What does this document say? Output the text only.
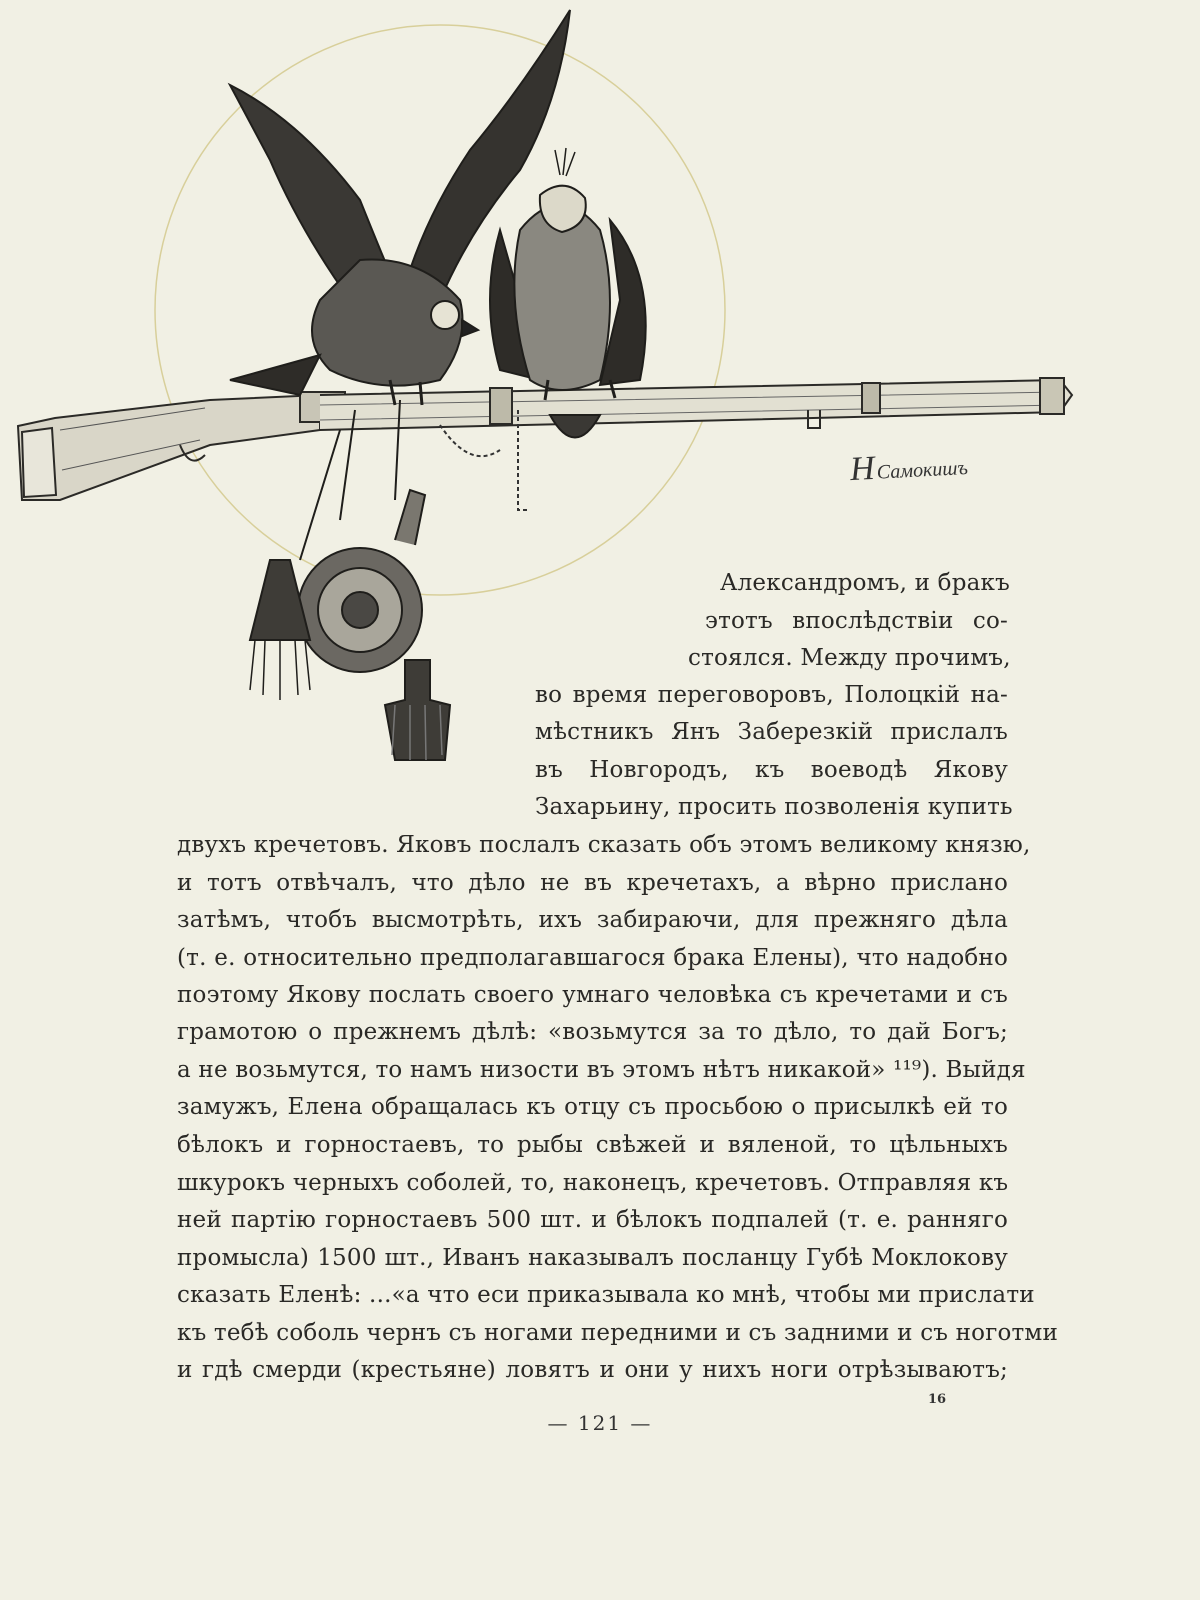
НСамокишъ
Александромъ, и бракъ
этотъ впослѣдствіи со-
стоялся. Между прочимъ,
во время переговоровъ, Полоцкій на-
мѣстникъ Янъ Заберезкій прислалъ
въ Новгородъ, къ воеводѣ Якову
Захарьину, просить позволенія купить
двухъ кречетовъ. Яковъ послалъ сказать объ этомъ великому князю,
и тотъ отвѣчалъ, что дѣло не въ кречетахъ, а вѣрно прислано
затѣмъ, чтобъ высмотрѣть, ихъ забираючи, для прежняго дѣла
(т. е. относительно предполагавшагося брака Елены), что надобно
поэтому Якову послать своего умнаго человѣка съ кречетами и съ
грамотою о прежнемъ дѣлѣ: «возьмутся за то дѣло, то дай Богъ;
а не возьмутся, то намъ низости въ этомъ нѣтъ никакой» ¹¹⁹). Выйдя
замужъ, Елена обращалась къ отцу съ просьбою о присылкѣ ей то
бѣлокъ и горностаевъ, то рыбы свѣжей и вяленой, то цѣльныхъ
шкурокъ черныхъ соболей, то, наконецъ, кречетовъ. Отправляя къ
ней партію горностаевъ 500 шт. и бѣлокъ подпалей (т. е. ранняго
промысла) 1500 шт., Иванъ наказывалъ посланцу Губѣ Моклокову
сказать Еленѣ: ...«а что еси приказывала ко мнѣ, чтобы ми прислати
къ тебѣ соболь чернъ съ ногами передними и съ задними и съ ноготми
и гдѣ смерди (крестьяне) ловятъ и они у нихъ ноги отрѣзываютъ;
16
— 121 —
